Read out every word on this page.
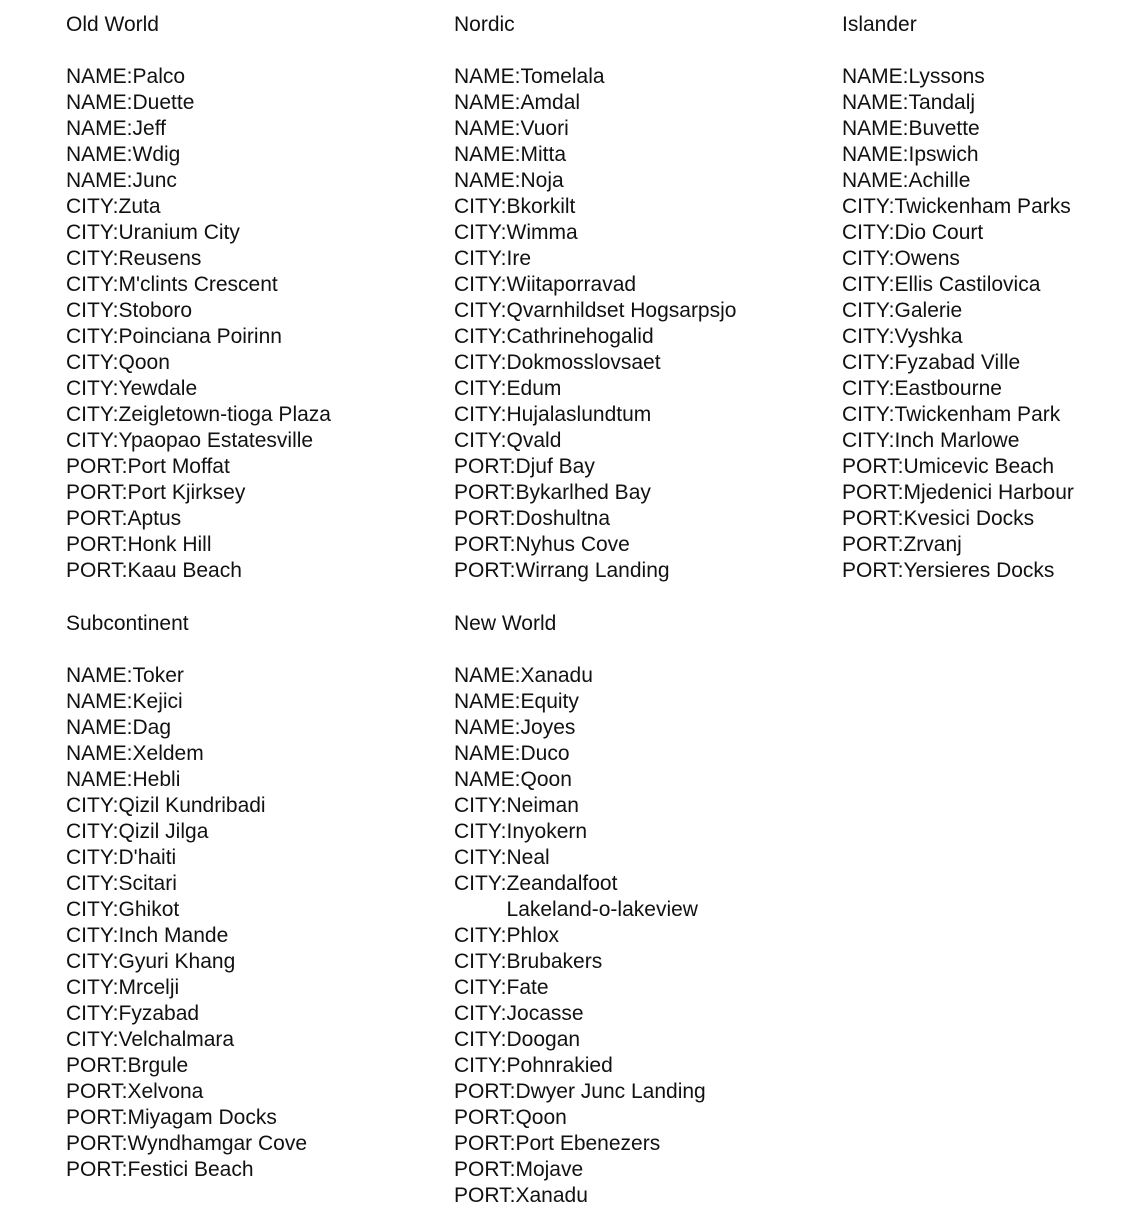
Old World
NAME: Palco
NAME: Duette
NAME: Jeff
NAME: Wdig
NAME: Junc
CITY: Zuta
CITY: Uranium City
CITY: Reusens
CITY: M'clints Crescent
CITY: Stoboro
CITY: Poinciana Poirinn
CITY: Qoon
CITY: Yewdale
CITY: Zeigletown-tioga Plaza
CITY: Ypaopao Estatesville
PORT: Port Moffat
PORT: Port Kjirksey
PORT: Aptus
PORT: Honk Hill
PORT: Kaau Beach
Nordic
NAME: Tomelala
NAME: Amdal
NAME: Vuori
NAME: Mitta
NAME: Noja
CITY: Bkorkilt
CITY: Wimma
CITY: Ire
CITY: Wiitaporravad
CITY: Qvarnhildset Hogsarpsjo
CITY: Cathrinehogalid
CITY: Dokmosslovsaet
CITY: Edum
CITY: Hujalaslundtum
CITY: Qvald
PORT: Djuf Bay
PORT: Bykarlhed Bay
PORT: Doshultna
PORT: Nyhus Cove
PORT: Wirrang Landing
Islander
NAME: Lyssons
NAME: Tandalj
NAME: Buvette
NAME: Ipswich
NAME: Achille
CITY: Twickenham Parks
CITY: Dio Court
CITY: Owens
CITY: Ellis Castilovica
CITY: Galerie
CITY: Vyshka
CITY: Fyzabad Ville
CITY: Eastbourne
CITY: Twickenham Park
CITY: Inch Marlowe
PORT: Umicevic Beach
PORT: Mjedenici Harbour
PORT: Kvesici Docks
PORT: Zrvanj
PORT: Yersieres Docks
Subcontinent
NAME: Toker
NAME: Kejici
NAME: Dag
NAME: Xeldem
NAME: Hebli
CITY: Qizil Kundribadi
CITY: Qizil Jilga
CITY: D'haiti
CITY: Scitari
CITY: Ghikot
CITY: Inch Mande
CITY: Gyuri Khang
CITY: Mrcelji
CITY: Fyzabad
CITY: Velchalmara
PORT: Brgule
PORT: Xelvona
PORT: Miyagam Docks
PORT: Wyndhamgar Cove
PORT: Festici Beach
New World
NAME: Xanadu
NAME: Equity
NAME: Joyes
NAME: Duco
NAME: Qoon
CITY: Neiman
CITY: Inyokern
CITY: Neal
CITY: Zeandalfoot Lakeland-o-lakeview
CITY: Phlox
CITY: Brubakers
CITY: Fate
CITY: Jocasse
CITY: Doogan
CITY: Pohnrakied
PORT: Dwyer Junc Landing
PORT: Qoon
PORT: Port Ebenezers
PORT: Mojave
PORT: Xanadu
